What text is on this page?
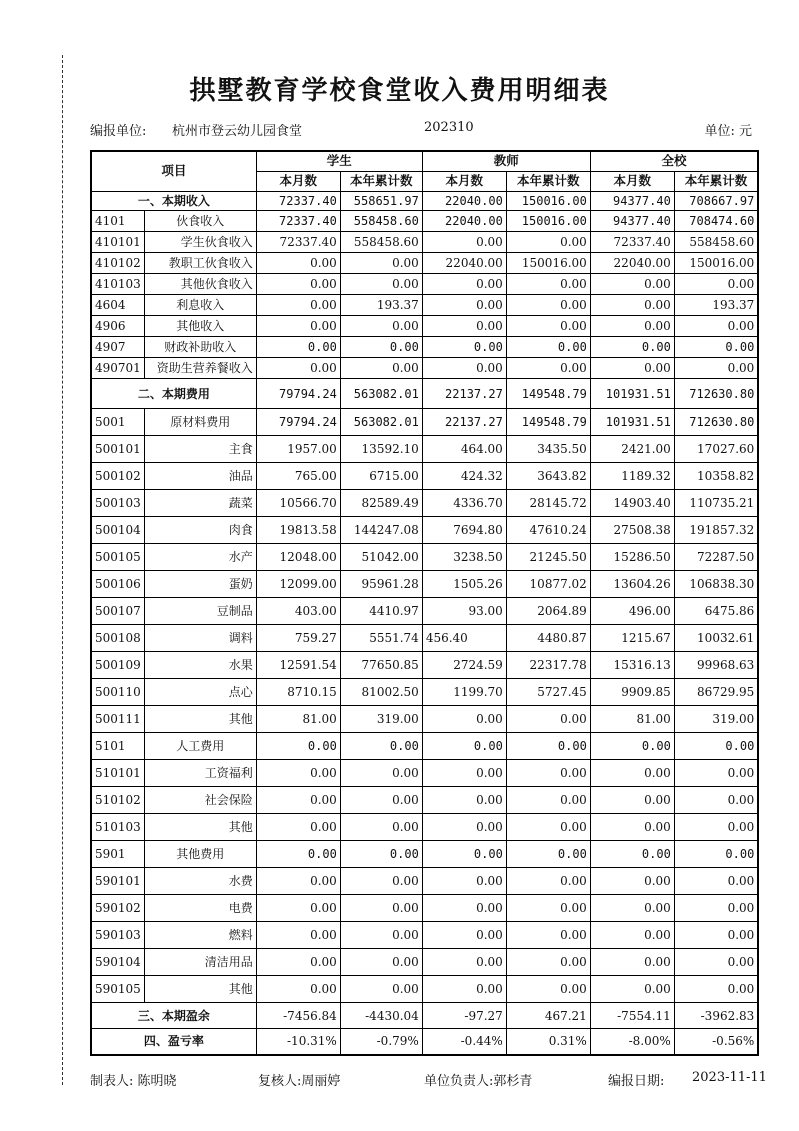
拱墅教育学校食堂收入费用明细表
编报单位: 杭州市登云幼儿园食堂	202310	单位: 元
项目		学生		教师		全校	
		本月数	本年累计数	本月数	本年累计数	本月数	本年累计数
一、本期收入		72337.40	558651.97	22040.00	150016.00	94377.40	708667.97
4101	伙食收入	72337.40	558458.60	22040.00	150016.00	94377.40	708474.60
410101	学生伙食收入	72337.40	558458.60	0.00	0.00	72337.40	558458.60
410102	教职工伙食收入	0.00	0.00	22040.00	150016.00	22040.00	150016.00
410103	其他伙食收入	0.00	0.00	0.00	0.00	0.00	0.00
4604	利息收入	0.00	193.37	0.00	0.00	0.00	193.37
4906	其他收入	0.00	0.00	0.00	0.00	0.00	0.00
4907	财政补助收入	0.00	0.00	0.00	0.00	0.00	0.00
490701	资助生营养餐收入	0.00	0.00	0.00	0.00	0.00	0.00
二、本期费用		79794.24	563082.01	22137.27	149548.79	101931.51	712630.80
5001	原材料费用	79794.24	563082.01	22137.27	149548.79	101931.51	712630.80
500101	主食	1957.00	13592.10	464.00	3435.50	2421.00	17027.60
500102	油品	765.00	6715.00	424.32	3643.82	1189.32	10358.82
500103	蔬菜	10566.70	82589.49	4336.70	28145.72	14903.40	110735.21
500104	肉食	19813.58	144247.08	7694.80	47610.24	27508.38	191857.32
500105	水产	12048.00	51042.00	3238.50	21245.50	15286.50	72287.50
500106	蛋奶	12099.00	95961.28	1505.26	10877.02	13604.26	106838.30
500107	豆制品	403.00	4410.97	93.00	2064.89	496.00	6475.86
500108	调料	759.27	5551.74	456.40	4480.87	1215.67	10032.61
500109	水果	12591.54	77650.85	2724.59	22317.78	15316.13	99968.63
500110	点心	8710.15	81002.50	1199.70	5727.45	9909.85	86729.95
500111	其他	81.00	319.00	0.00	0.00	81.00	319.00
5101	人工费用	0.00	0.00	0.00	0.00	0.00	0.00
510101	工资福利	0.00	0.00	0.00	0.00	0.00	0.00
510102	社会保险	0.00	0.00	0.00	0.00	0.00	0.00
510103	其他	0.00	0.00	0.00	0.00	0.00	0.00
5901	其他费用	0.00	0.00	0.00	0.00	0.00	0.00
590101	水费	0.00	0.00	0.00	0.00	0.00	0.00
590102	电费	0.00	0.00	0.00	0.00	0.00	0.00
590103	燃料	0.00	0.00	0.00	0.00	0.00	0.00
590104	清洁用品	0.00	0.00	0.00	0.00	0.00	0.00
590105	其他	0.00	0.00	0.00	0.00	0.00	0.00
三、本期盈余		-7456.84	-4430.04	-97.27	467.21	-7554.11	-3962.83
四、盈亏率		-10.31%	-0.79%	-0.44%	0.31%	-8.00%	-0.56%
制表人: 陈明晓	复核人:周丽婷	单位负责人:郭杉青	编报日期: 2023-11-11
